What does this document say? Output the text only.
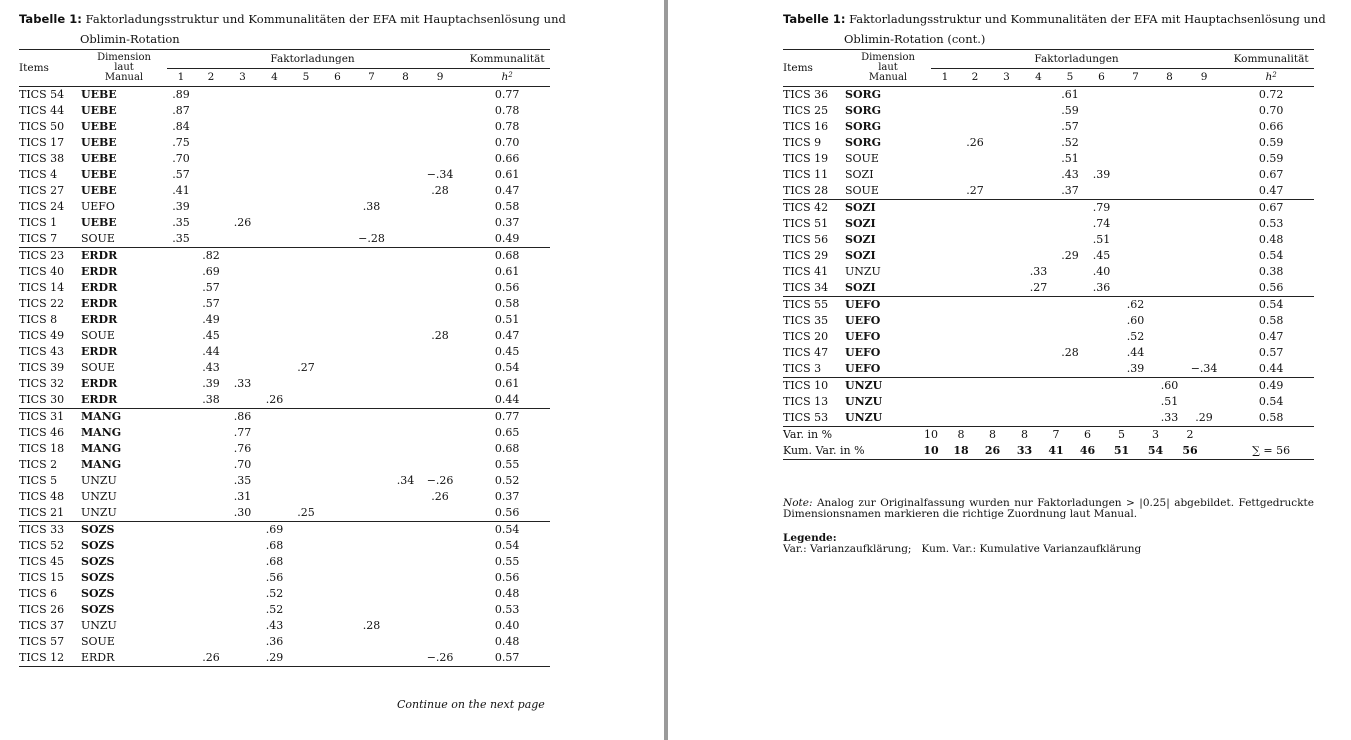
Tabelle 1: Faktorladungsstruktur und Kommunalitäten der EFA mit Hauptachsenlösung und
Oblimin-Rotation
Items	Dimension
laut
Manual	Faktorladungen									Kommunalität
		1	2	3	4	5	6	7	8	9	$h^2$
TICS 54	UEBE	.89									0.77
TICS 44	UEBE	.87									0.78
TICS 50	UEBE	.84									0.78
TICS 17	UEBE	.75									0.70
TICS 38	UEBE	.70									0.66
TICS 4	UEBE	.57								−.34	0.61
TICS 27	UEBE	.41								.28	0.47
TICS 24	UEFO	.39						.38			0.58
TICS 1	UEBE	.35		.26							0.37
TICS 7	SOUE	.35						−.28			0.49
TICS 23	ERDR		.82								0.68
TICS 40	ERDR		.69								0.61
TICS 14	ERDR		.57								0.56
TICS 22	ERDR		.57								0.58
TICS 8	ERDR		.49								0.51
TICS 49	SOUE		.45							.28	0.47
TICS 43	ERDR		.44								0.45
TICS 39	SOUE		.43			.27					0.54
TICS 32	ERDR		.39	.33							0.61
TICS 30	ERDR		.38		.26						0.44
TICS 31	MANG			.86							0.77
TICS 46	MANG			.77							0.65
TICS 18	MANG			.76							0.68
TICS 2	MANG			.70							0.55
TICS 5	UNZU			.35					.34	−.26	0.52
TICS 48	UNZU			.31						.26	0.37
TICS 21	UNZU			.30		.25					0.56
TICS 33	SOZS				.69						0.54
TICS 52	SOZS				.68						0.54
TICS 45	SOZS				.68						0.55
TICS 15	SOZS				.56						0.56
TICS 6	SOZS				.52						0.48
TICS 26	SOZS				.52						0.53
TICS 37	UNZU				.43			.28			0.40
TICS 57	SOUE				.36						0.48
TICS 12	ERDR		.26		.29					−.26	0.57
Continue on the next page
Tabelle 1: Faktorladungsstruktur und Kommunalitäten der EFA mit Hauptachsenlösung und
Oblimin-Rotation (cont.)
Items	Dimension
laut
Manual	Faktorladungen	Kommunalität
1	2	3	4	5	6	7	8	9	$h^2$
TICS 36	SORG					.61					0.72
TICS 25	SORG					.59					0.70
TICS 16	SORG					.57					0.66
TICS 9	SORG		.26			.52					0.59
TICS 19	SOUE					.51					0.59
TICS 11	SOZI					.43	.39				0.67
TICS 28	SOUE		.27			.37					0.47
TICS 42	SOZI						.79				0.67
TICS 51	SOZI						.74				0.53
TICS 56	SOZI						.51				0.48
TICS 29	SOZI					.29	.45				0.54
TICS 41	UNZU				.33		.40				0.38
TICS 34	SOZI				.27		.36				0.56
TICS 55	UEFO							.62			0.54
TICS 35	UEFO							.60			0.58
TICS 20	UEFO							.52			0.47
TICS 47	UEFO					.28		.44			0.57
TICS 3	UEFO							.39		−.34	0.44
TICS 10	UNZU								.60		0.49
TICS 13	UNZU								.51		0.54
TICS 53	UNZU								.33	.29	0.58
Var. in %	10	8	8	8	7	6	5	3	2	
Kum. Var. in %	10	18	26	33	41	46	51	54	56	∑ = 56
Note: Analog zur Originalfassung wurden nur Faktorladungen > |0.25| abgebildet. Fettgedruckte
Dimensionsnamen markieren die richtige Zuordnung laut Manual.
Legende:
Var.: Varianzaufklärung;   Kum. Var.: Kumulative Varianzaufklärung
